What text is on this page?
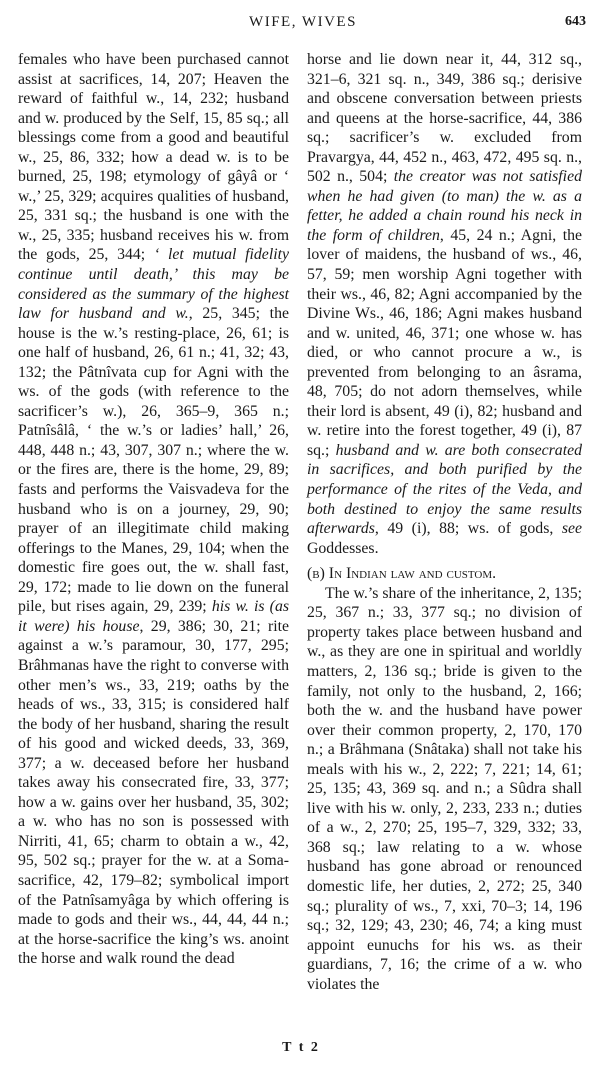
WIFE, WIVES	643

females who have been purchased cannot assist at sacrifices, 14, 207; Heaven the reward of faithful w., 14, 232; husband and w. produced by the Self, 15, 85 sq.; all blessings come from a good and beautiful w., 25, 86, 332; how a dead w. is to be burned, 25, 198; etymology of gâyâ or ‘ w.,’ 25, 329; acquires qualities of husband, 25, 331 sq.; the husband is one with the w., 25, 335; husband receives his w. from the gods, 25, 344; ‘ let mutual fidelity continue until death,’ this may be considered as the summary of the highest law for husband and w., 25, 345; the house is the w.’s resting-place, 26, 61; is one half of husband, 26, 61 n.; 41, 32; 43, 132; the Pâtnîvata cup for Agni with the ws. of the gods (with reference to the sacrificer’s w.), 26, 365–9, 365 n.; Patnîsâlâ, ‘ the w.’s or ladies’ hall,’ 26, 448, 448 n.; 43, 307, 307 n.; where the w. or the fires are, there is the home, 29, 89; fasts and performs the Vaisvadeva for the husband who is on a journey, 29, 90; prayer of an illegitimate child making offerings to the Manes, 29, 104; when the domestic fire goes out, the w. shall fast, 29, 172; made to lie down on the funeral pile, but rises again, 29, 239; his w. is (as it were) his house, 29, 386; 30, 21; rite against a w.’s paramour, 30, 177, 295; Brâhmanas have the right to converse with other men’s ws., 33, 219; oaths by the heads of ws., 33, 315; is considered half the body of her husband, sharing the result of his good and wicked deeds, 33, 369, 377; a w. deceased before her husband takes away his consecrated fire, 33, 377; how a w. gains over her husband, 35, 302; a w. who has no son is possessed with Nirriti, 41, 65; charm to obtain a w., 42, 95, 502 sq.; prayer for the w. at a Soma-sacrifice, 42, 179–82; symbolical import of the Patnîsamyâga by which offering is made to gods and their ws., 44, 44, 44 n.; at the horse-sacrifice the king’s ws. anoint the horse and walk round the dead

horse and lie down near it, 44, 312 sq., 321–6, 321 sq. n., 349, 386 sq.; derisive and obscene conversation between priests and queens at the horse-sacrifice, 44, 386 sq.; sacrificer’s w. excluded from Pravargya, 44, 452 n., 463, 472, 495 sq. n., 502 n., 504; the creator was not satisfied when he had given (to man) the w. as a fetter, he added a chain round his neck in the form of children, 45, 24 n.; Agni, the lover of maidens, the husband of ws., 46, 57, 59; men worship Agni together with their ws., 46, 82; Agni accompanied by the Divine Ws., 46, 186; Agni makes husband and w. united, 46, 371; one whose w. has died, or who cannot procure a w., is prevented from belonging to an âsrama, 48, 705; do not adorn themselves, while their lord is absent, 49 (i), 82; husband and w. retire into the forest together, 49 (i), 87 sq.; husband and w. are both consecrated in sacrifices, and both purified by the performance of the rites of the Veda, and both destined to enjoy the same results afterwards, 49 (i), 88; ws. of gods, see Goddesses.

(b) In Indian law and custom.

The w.’s share of the inheritance, 2, 135; 25, 367 n.; 33, 377 sq.; no division of property takes place between husband and w., as they are one in spiritual and worldly matters, 2, 136 sq.; bride is given to the family, not only to the husband, 2, 166; both the w. and the husband have power over their common property, 2, 170, 170 n.; a Brâhmana (Snâtaka) shall not take his meals with his w., 2, 222; 7, 221; 14, 61; 25, 135; 43, 369 sq. and n.; a Sûdra shall live with his w. only, 2, 233, 233 n.; duties of a w., 2, 270; 25, 195–7, 329, 332; 33, 368 sq.; law relating to a w. whose husband has gone abroad or renounced domestic life, her duties, 2, 272; 25, 340 sq.; plurality of ws., 7, xxi, 70–3; 14, 196 sq.; 32, 129; 43, 230; 46, 74; a king must appoint eunuchs for his ws. as their guardians, 7, 16; the crime of a w. who violates the

T t 2
